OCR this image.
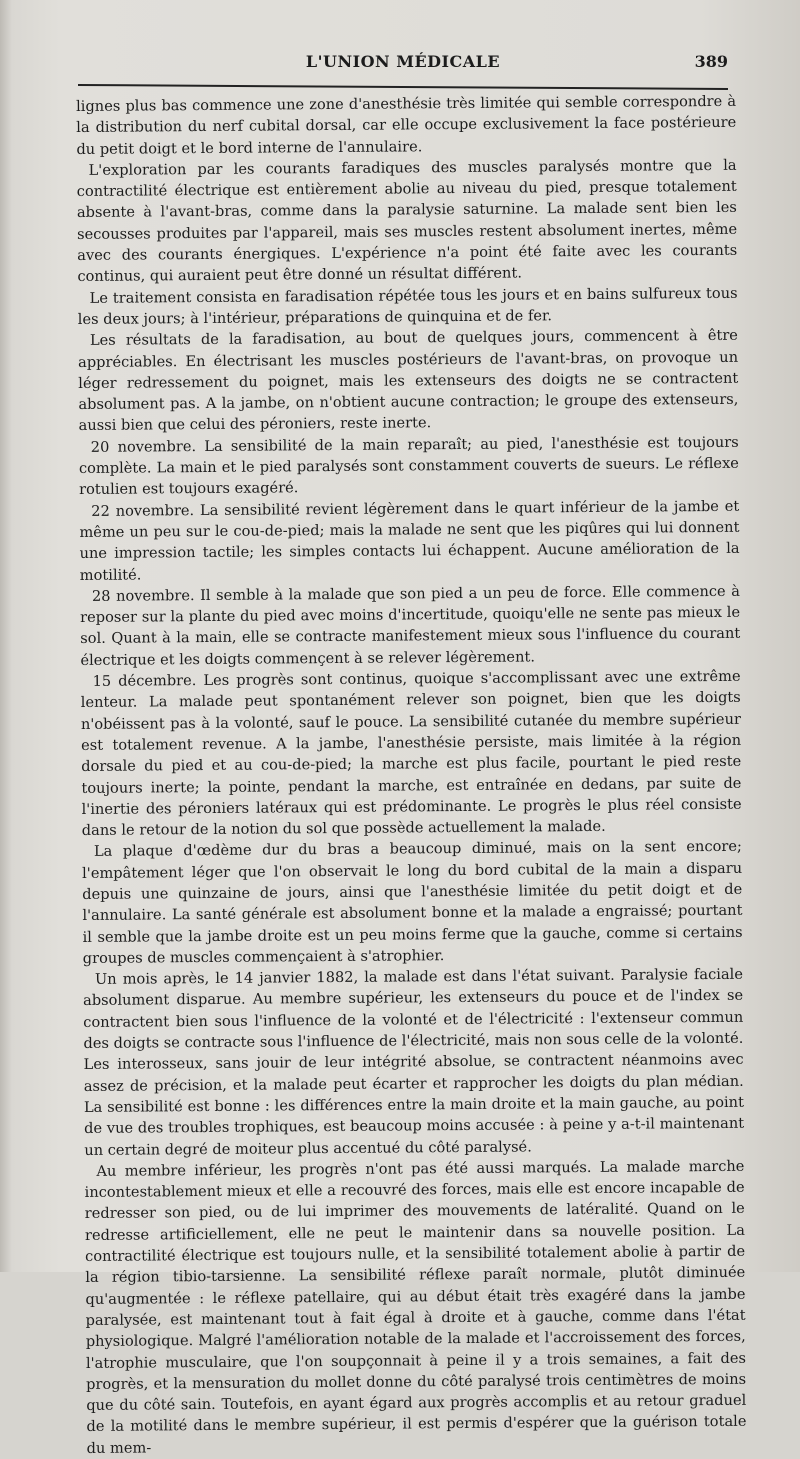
L'UNION MÉDICALE	389

lignes plus bas commence une zone d'anesthésie très limitée qui semble correspondre à la distribution du nerf cubital dorsal, car elle occupe exclusivement la face postérieure du petit doigt et le bord interne de l'annulaire.

L'exploration par les courants faradiques des muscles paralysés montre que la contractilité électrique est entièrement abolie au niveau du pied, presque totalement absente à l'avant-bras, comme dans la paralysie saturnine. La malade sent bien les secousses produites par l'appareil, mais ses muscles restent absolument inertes, même avec des courants énergiques. L'expérience n'a point été faite avec les courants continus, qui auraient peut être donné un résultat différent.

Le traitement consista en faradisation répétée tous les jours et en bains sulfureux tous les deux jours; à l'intérieur, préparations de quinquina et de fer.

Les résultats de la faradisation, au bout de quelques jours, commencent à être appréciables. En électrisant les muscles postérieurs de l'avant-bras, on provoque un léger redressement du poignet, mais les extenseurs des doigts ne se contractent absolument pas. A la jambe, on n'obtient aucune contraction; le groupe des extenseurs, aussi bien que celui des péroniers, reste inerte.

20 novembre. La sensibilité de la main reparaît; au pied, l'anesthésie est toujours complète. La main et le pied paralysés sont constamment couverts de sueurs. Le réflexe rotulien est toujours exagéré.

22 novembre. La sensibilité revient légèrement dans le quart inférieur de la jambe et même un peu sur le cou-de-pied; mais la malade ne sent que les piqûres qui lui donnent une impression tactile; les simples contacts lui échappent. Aucune amélioration de la motilité.

28 novembre. Il semble à la malade que son pied a un peu de force. Elle commence à reposer sur la plante du pied avec moins d'incertitude, quoiqu'elle ne sente pas mieux le sol. Quant à la main, elle se contracte manifestement mieux sous l'influence du courant électrique et les doigts commençent à se relever légèrement.

15 décembre. Les progrès sont continus, quoique s'accomplissant avec une extrême lenteur. La malade peut spontanément relever son poignet, bien que les doigts n'obéissent pas à la volonté, sauf le pouce. La sensibilité cutanée du membre supérieur est totalement revenue. A la jambe, l'anesthésie persiste, mais limitée à la région dorsale du pied et au cou-de-pied; la marche est plus facile, pourtant le pied reste toujours inerte; la pointe, pendant la marche, est entraînée en dedans, par suite de l'inertie des péroniers latéraux qui est prédominante. Le progrès le plus réel consiste dans le retour de la notion du sol que possède actuellement la malade.

La plaque d'œdème dur du bras a beaucoup diminué, mais on la sent encore; l'empâtement léger que l'on observait le long du bord cubital de la main a disparu depuis une quinzaine de jours, ainsi que l'anesthésie limitée du petit doigt et de l'annulaire. La santé générale est absolument bonne et la malade a engraissé; pourtant il semble que la jambe droite est un peu moins ferme que la gauche, comme si certains groupes de muscles commençaient à s'atrophier.

Un mois après, le 14 janvier 1882, la malade est dans l'état suivant. Paralysie faciale absolument disparue. Au membre supérieur, les extenseurs du pouce et de l'index se contractent bien sous l'influence de la volonté et de l'électricité : l'extenseur commun des doigts se contracte sous l'influence de l'électricité, mais non sous celle de la volonté. Les interosseux, sans jouir de leur intégrité absolue, se contractent néanmoins avec assez de précision, et la malade peut écarter et rapprocher les doigts du plan médian. La sensibilité est bonne : les différences entre la main droite et la main gauche, au point de vue des troubles trophiques, est beaucoup moins accusée : à peine y a-t-il maintenant un certain degré de moiteur plus accentué du côté paralysé.

Au membre inférieur, les progrès n'ont pas été aussi marqués. La malade marche incontestablement mieux et elle a recouvré des forces, mais elle est encore incapable de redresser son pied, ou de lui imprimer des mouvements de latéralité. Quand on le redresse artificiellement, elle ne peut le maintenir dans sa nouvelle position. La contractilité électrique est toujours nulle, et la sensibilité totalement abolie à partir de la région tibio-tarsienne. La sensibilité réflexe paraît normale, plutôt diminuée qu'augmentée : le réflexe patellaire, qui au début était très exagéré dans la jambe paralysée, est maintenant tout à fait égal à droite et à gauche, comme dans l'état physiologique. Malgré l'amélioration notable de la malade et l'accroissement des forces, l'atrophie musculaire, que l'on soupçonnait à peine il y a trois semaines, a fait des progrès, et la mensuration du mollet donne du côté paralysé trois centimètres de moins que du côté sain. Toutefois, en ayant égard aux progrès accomplis et au retour graduel de la motilité dans le membre supérieur, il est permis d'espérer que la guérison totale du mem-
